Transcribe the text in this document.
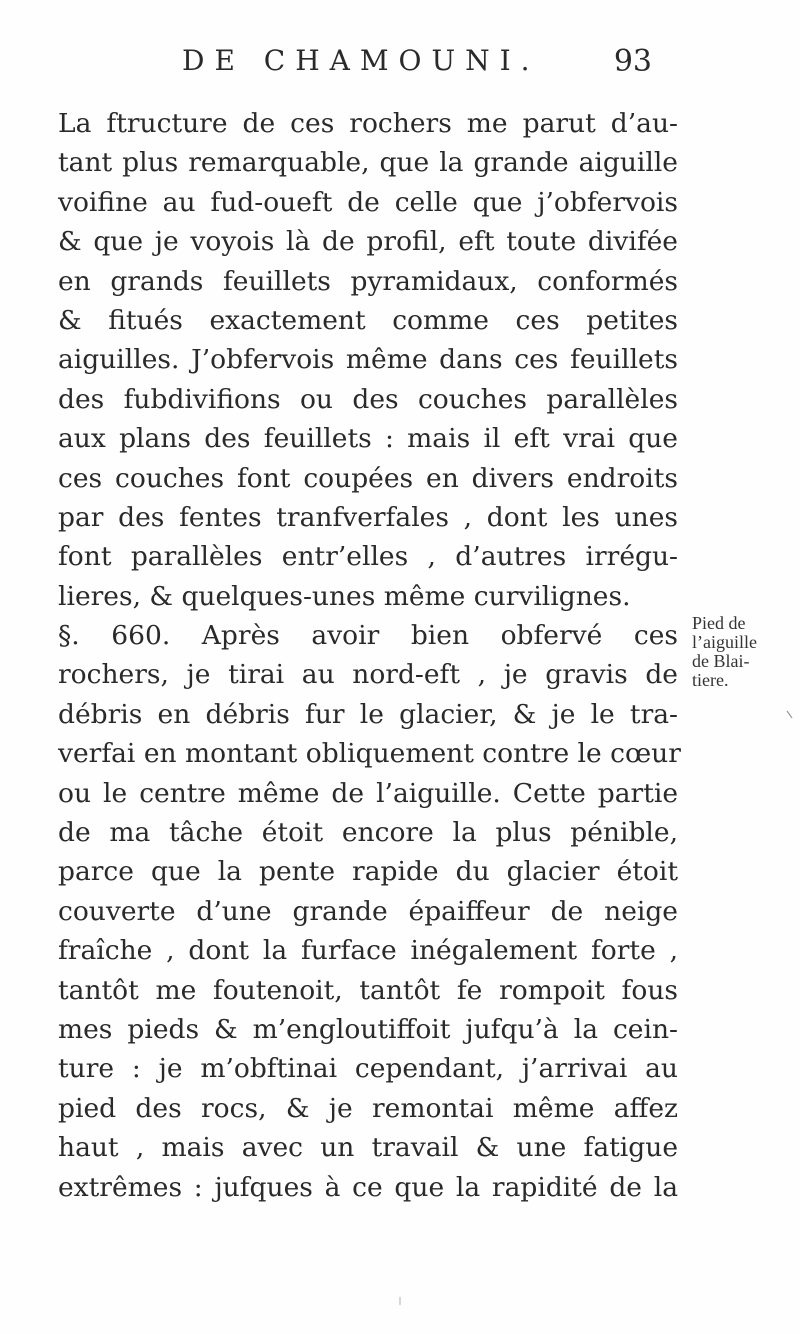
DE CHAMOUNI. 93
La ftructure de ces rochers me parut d’au-
tant plus remarquable, que la grande aiguille
voifine au fud-oueft de celle que j’obfervois
& que je voyois là de profil, eft toute divifée
en grands feuillets pyramidaux, conformés
& fitués exactement comme ces petites
aiguilles. J’obfervois même dans ces feuillets
des fubdivifions ou des couches parallèles
aux plans des feuillets : mais il eft vrai que
ces couches font coupées en divers endroits
par des fentes tranfverfales , dont les unes
font parallèles entr’elles , d’autres irrégu-
lieres, & quelques-unes même curvilignes.
§. 660. Après avoir bien obfervé ces
rochers, je tirai au nord-eft , je gravis de
débris en débris fur le glacier, & je le tra-
verfai en montant obliquement contre le cœur
ou le centre même de l’aiguille. Cette partie
de ma tâche étoit encore la plus pénible,
parce que la pente rapide du glacier étoit
couverte d’une grande épaiffeur de neige
fraîche , dont la furface inégalement forte ,
tantôt me foutenoit, tantôt fe rompoit fous
mes pieds & m’engloutiffoit jufqu’à la cein-
ture : je m’obftinai cependant, j’arrivai au
pied des rocs, & je remontai même affez
haut , mais avec un travail & une fatigue
extrêmes : jufques à ce que la rapidité de la
Pied de
l’aiguille
de Blai-
tiere.
